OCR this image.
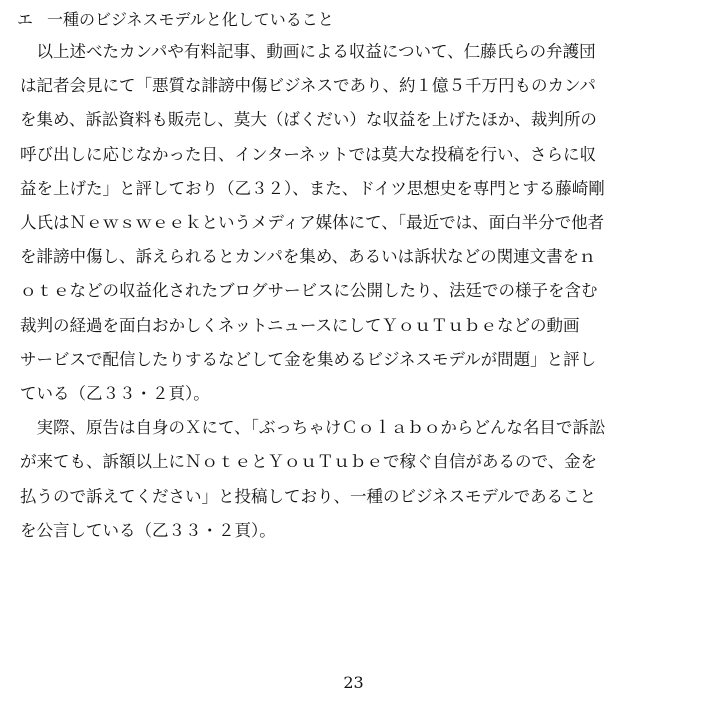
エ 一種のビジネスモデルと化していること
　以上述べたカンパや有料記事、動画による収益について、仁藤氏らの弁護団
は記者会見にて「悪質な誹謗中傷ビジネスであり、約１億５千万円ものカンパ
を集め、訴訟資料も販売し、莫大（ばくだい）な収益を上げたほか、裁判所の
呼び出しに応じなかった日、インターネットでは莫大な投稿を行い、さらに収
益を上げた」と評しており（乙３２）、また、ドイツ思想史を専門とする藤崎剛
人氏はＮｅｗｓｗｅｅｋというメディア媒体にて、「最近では、面白半分で他者
を誹謗中傷し、訴えられるとカンパを集め、あるいは訴状などの関連文書をｎ
ｏｔｅなどの収益化されたブログサービスに公開したり、法廷での様子を含む
裁判の経過を面白おかしくネットニュースにしてＹｏｕＴｕｂｅなどの動画
サービスで配信したりするなどして金を集めるビジネスモデルが問題」と評し
ている（乙３３・２頁）。
　実際、原告は自身のＸにて、「ぶっちゃけＣｏｌａｂｏからどんな名目で訴訟
が来ても、訴額以上にＮｏｔｅとＹｏｕＴｕｂｅで稼ぐ自信があるので、金を
払うので訴えてください」と投稿しており、一種のビジネスモデルであること
を公言している（乙３３・２頁）。
23
